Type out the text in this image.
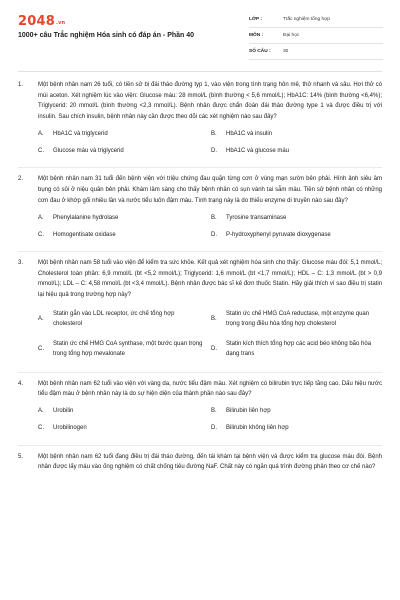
2048.vn
1000+ câu Trắc nghiệm Hóa sinh có đáp án - Phần 40
LỚP :	Trắc nghiệm tổng hợp
MÔN :	Đại học
SỐ CÂU :	30
1.	Một bệnh nhân nam 26 tuổi, có tiền sử bị đái tháo đường typ 1, vào viện trong tình trạng hôn mê, thở nhanh và sâu. Hơi thở có mùi aceton. Xét nghiệm lúc vào viện: Glucose máu: 28 mmol/L (bình thường < 5,6 mmol/L); HbA1C: 14% (bình thường <6,4%); Triglycerid: 20 mmol/L (bình thường <2,3 mmol/L). Bệnh nhân được chẩn đoán đái tháo đường type 1 và được điều trị với insulin. Sau chích insulin, bệnh nhân này cần được theo dõi các xét nghiệm nào sau đây?
A.	HbA1C và triglycerid	B.	HbA1C và insulin
C.	Glucose máu và triglycerid	D.	HbA1C và glucose máu
2.	Một bệnh nhân nam 31 tuổi đến bệnh viện với triệu chứng đau quặn từng cơn ở vùng mạn sườn bên phải. Hình ảnh siêu âm bụng có sỏi ở niệu quản bên phải. Khám lâm sàng cho thấy bệnh nhân có sụn vành tai sẫm màu. Tiền sử bệnh nhân có những cơn đau ở khớp gối nhiều lần và nước tiểu luôn đậm màu. Tình trạng này là do thiếu enzyme di truyền nào sau đây?
A.	Phenylalanine hydrolase	B.	Tyrosine transaminase
C.	Homogentisate oxidase	D.	P-hydroxyphenyl pyruvate dioxygenase
3.	Một bệnh nhân nam 58 tuổi vào viện để kiểm tra sức khỏe. Kết quả xét nghiệm hóa sinh cho thấy: Glucose máu đói: 5,1 mmol/L; Cholesterol toàn phần: 6,9 mmol/L (bt <5,2 mmol/L); Triglycerid: 1,6 mmol/L (bt <1,7 mmol/L); HDL – C: 1,3 mmol/L (bt > 0,9 mmol/L); LDL – C: 4,58 mmol/L (bt <3,4 mmol/L). Bệnh nhân được bác sĩ kê đơn thuốc Statin. Hãy giải thích vì sao điều trị statin lại hiệu quả trong trường hợp này?
A.
Statin gắn vào LDL receptor, ức chế tổng hợp cholesterol
B.
Statin ức chế HMG CoA reductase, một enzyme quan trọng trong điều hòa tổng hợp cholesterol
C.
Statin ức chế HMG CoA synthase, một bước quan trọng trong tổng hợp mevalonate
D.
Statin kích thích tổng hợp các acid béo không bão hòa dạng trans
4.	Một bệnh nhân nam 62 tuổi vào viện với vàng da, nước tiểu đậm màu. Xét nghiệm có bilirubin trực tiếp tăng cao. Dấu hiệu nước tiểu đậm màu ở bệnh nhân này là do sự hiện diện của thành phần nào sau đây?
A.	Urobilin	B.	Bilirubin liên hợp
C.	Urobilinogen	D.	Bilirubin không liên hợp
5.	Một bệnh nhân nam 62 tuổi đang điều trị đái tháo đường, đến tái khám tại bệnh viện và được kiểm tra glucose máu đói. Bệnh nhân được lấy máu vào ống nghiệm có chất chống tiêu đường NaF. Chất này có ngăn quá trình đường phân theo cơ chế nào?
